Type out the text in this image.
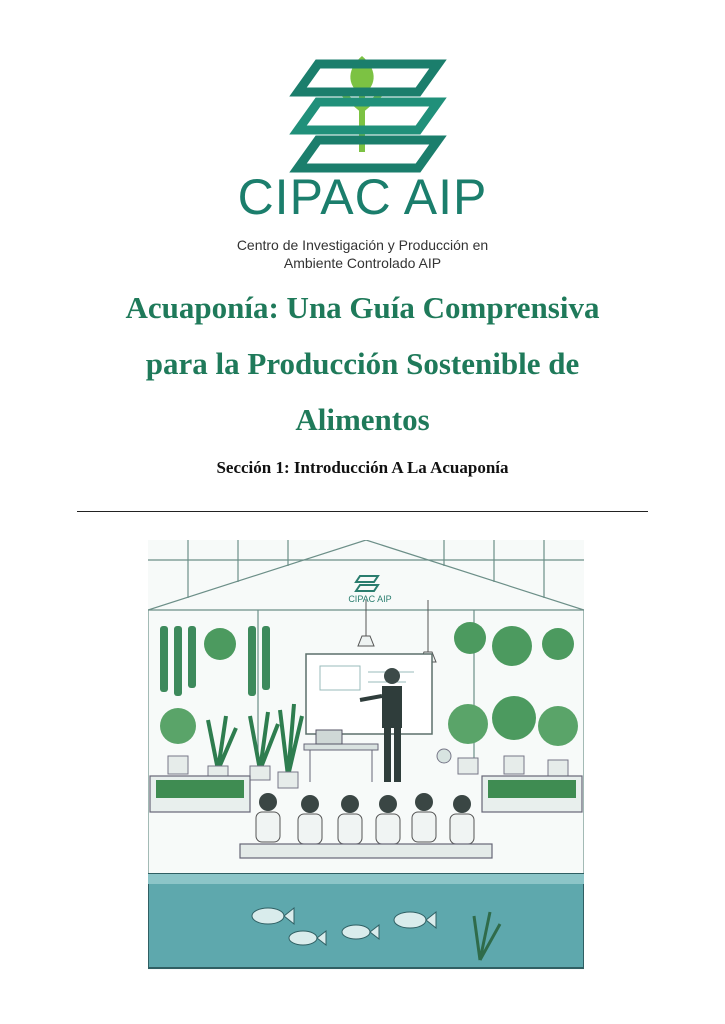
CIPAC AIP
Centro de Investigación y Producción en
Ambiente Controlado AIP
Acuaponía: Una Guía Comprensiva
para la Producción Sostenible de
Alimentos
Sección 1: Introducción A La Acuaponía
CIPAC AIP
